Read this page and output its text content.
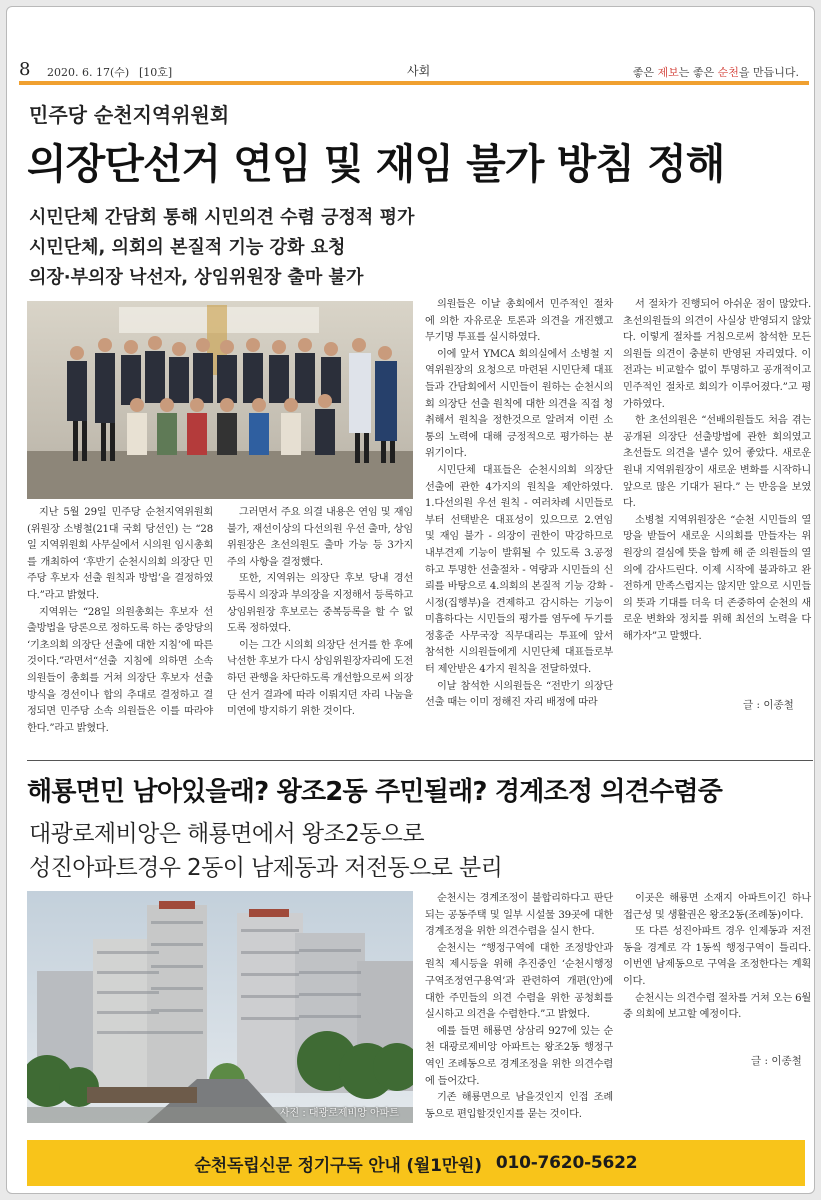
8 2020. 6. 17(수) [10호]	사회	좋은 제보는 좋은 순천을 만듭니다.
민주당 순천지역위원회
의장단선거 연임 및 재임 불가 방침 정해
시민단체 간담회 통해 시민의견 수렴 긍정적 평가
시민단체, 의회의 본질적 기능 강화 요청
의장·부의장 낙선자, 상임위원장 출마 불가

지난 5월 29일 민주당 순천지역위원회(위원장 소병철(21대 국회 당선인) 는 “28일 지역위원회 사무실에서 시의원 임시총회를 개최하여 ‘후반기 순천시의회 의장단 민주당 후보자 선출 원칙과 방법’을 결정하였다.”라고 밝혔다.

지역위는 “28일 의원총회는 후보자 선출방법을 당론으로 정하도록 하는 중앙당의 ‘기초의회 의장단 선출에 대한 지침’에 따른 것이다.”라면서“선출 지침에 의하면 소속 의원들이 총회를 거쳐 의장단 후보자 선출 방식을 경선이나 합의 추대로 결정하고 결정되면 민주당 소속 의원들은 이를 따라야 한다.”라고 밝혔다.

그러면서 주요 의결 내용은 연임 및 재임 불가, 재선이상의 다선의원 우선 출마, 상임위원장은 초선의원도 출마 가능 등 3가지 주의 사항을 결정했다.

또한, 지역위는 의장단 후보 당내 경선 등록시 의장과 부의장을 지정해서 등록하고 상임위원장 후보로는 중복등록을 할 수 없도록 정하였다.

이는 그간 시의회 의장단 선거를 한 후에 낙선한 후보가 다시 상임위원장자리에 도전하던 관행을 차단하도록 개선함으로써 의장단 선거 결과에 따라 이뤄지던 자리 나눔을 미연에 방지하기 위한 것이다.

의원들은 이날 총회에서 민주적인 절차에 의한 자유로운 토론과 의견을 개진했고 무기명 투표를 실시하였다.

이에 앞서 YMCA 회의실에서 소병철 지역위원장의 요청으로 마련된 시민단체 대표들과 간담회에서 시민들이 원하는 순천시의회 의장단 선출 원칙에 대한 의견을 직접 청취해서 원칙을 정한것으로 알려져 이런 소통의 노력에 대해 긍정적으로 평가하는 분위기이다.

시민단체 대표들은 순천시의회 의장단 선출에 관한 4가지의 원칙을 제안하였다. 1.다선의원 우선 원칙 - 여러차례 시민들로부터 선택받은 대표성이 있으므로 2.연임 및 재임 불가 - 의장이 권한이 막강하므로 내부견제 기능이 발휘될 수 있도록 3.공정하고 투명한 선출절차 - 역량과 시민들의 신뢰를 바탕으로 4.의회의 본질적 기능 강화 - 시정(집행부)을 견제하고 감시하는 기능이 미흡하다는 시민들의 평가를 염두에 두기를 정홍준 사무국장 직무대리는 투표에 앞서 참석한 시의원들에게 시민단체 대표들로부터 제안받은 4가지 원칙을 전달하였다.

이날 참석한 시의원들은 “전반기 의장단 선출 때는 이미 정해진 자리 배정에 따라

서 절차가 진행되어 아쉬운 점이 많았다. 초선의원들의 의견이 사실상 반영되지 않았다. 이렇게 절차를 거침으로써 참석한 모든 의원들 의견이 충분히 반영된 자리였다. 이전과는 비교할수 없이 투명하고 공개적이고 민주적인 절차로 회의가 이루어졌다.”고 평가하였다.

한 초선의원은 “선배의원들도 처음 겪는 공개된 의장단 선출방법에 관한 회의였고 초선들도 의견을 낼수 있어 좋았다. 새로운 원내 지역위원장이 새로운 변화를 시작하니 앞으로 많은 기대가 된다.” 는 반응을 보였다.

소병철 지역위원장은 “순천 시민들의 열망을 받들어 새로운 시의회를 만들자는 위원장의 결심에 뜻을 함께 해 준 의원들의 열의에 감사드린다. 이제 시작에 불과하고 완전하게 만족스럽지는 않지만 앞으로 시민들의 뜻과 기대를 더욱 더 존중하여 순천의 새로운 변화와 정치를 위해 최선의 노력을 다해가자”고 말했다.

글 : 이종철
해룡면민 남아있을래? 왕조2동 주민될래? 경계조정 의견수렴중
대광로제비앙은 해룡면에서 왕조2동으로
성진아파트경우 2동이 남제동과 저전동으로 분리
사진 : 대광로제비앙 아파트

순천시는 경계조정이 불합리하다고 판단되는 공동주택 및 일부 시설물 39곳에 대한 경계조정을 위한 의견수렴을 실시 한다.

순천시는 “행정구역에 대한 조정방안과 원칙 제시등을 위해 추진중인 ‘순천시행정구역조정연구용역’과 관련하여 개편(안)에 대한 주민들의 의견 수렴을 위한 공청회를 실시하고 의견을 수렴한다.”고 밝혔다.

예를 들면 해룡면 상삼리 927에 있는 순천 대광로제비앙 아파트는 왕조2동 행정구역인 조례동으로 경계조정을 위한 의견수렴에 들어갔다.

기존 해룡면으로 남을것인지 인접 조례동으로 편입할것인지를 묻는 것이다.

이곳은 해룡면 소재지 아파트이긴 하나 접근성 및 생활권은 왕조2동(조례동)이다.

또 다른 성진아파트 경우 인제동과 저전동을 경계로 각 1동씩 행정구역이 틀리다. 이번엔 남제동으로 구역을 조정한다는 계획이다.

순천시는 의견수렴 절차를 거쳐 오는 6월 중 의회에 보고할 예정이다.

글 : 이종철
순천독립신문 정기구독 안내 (월1만원) 010-7620-5622
